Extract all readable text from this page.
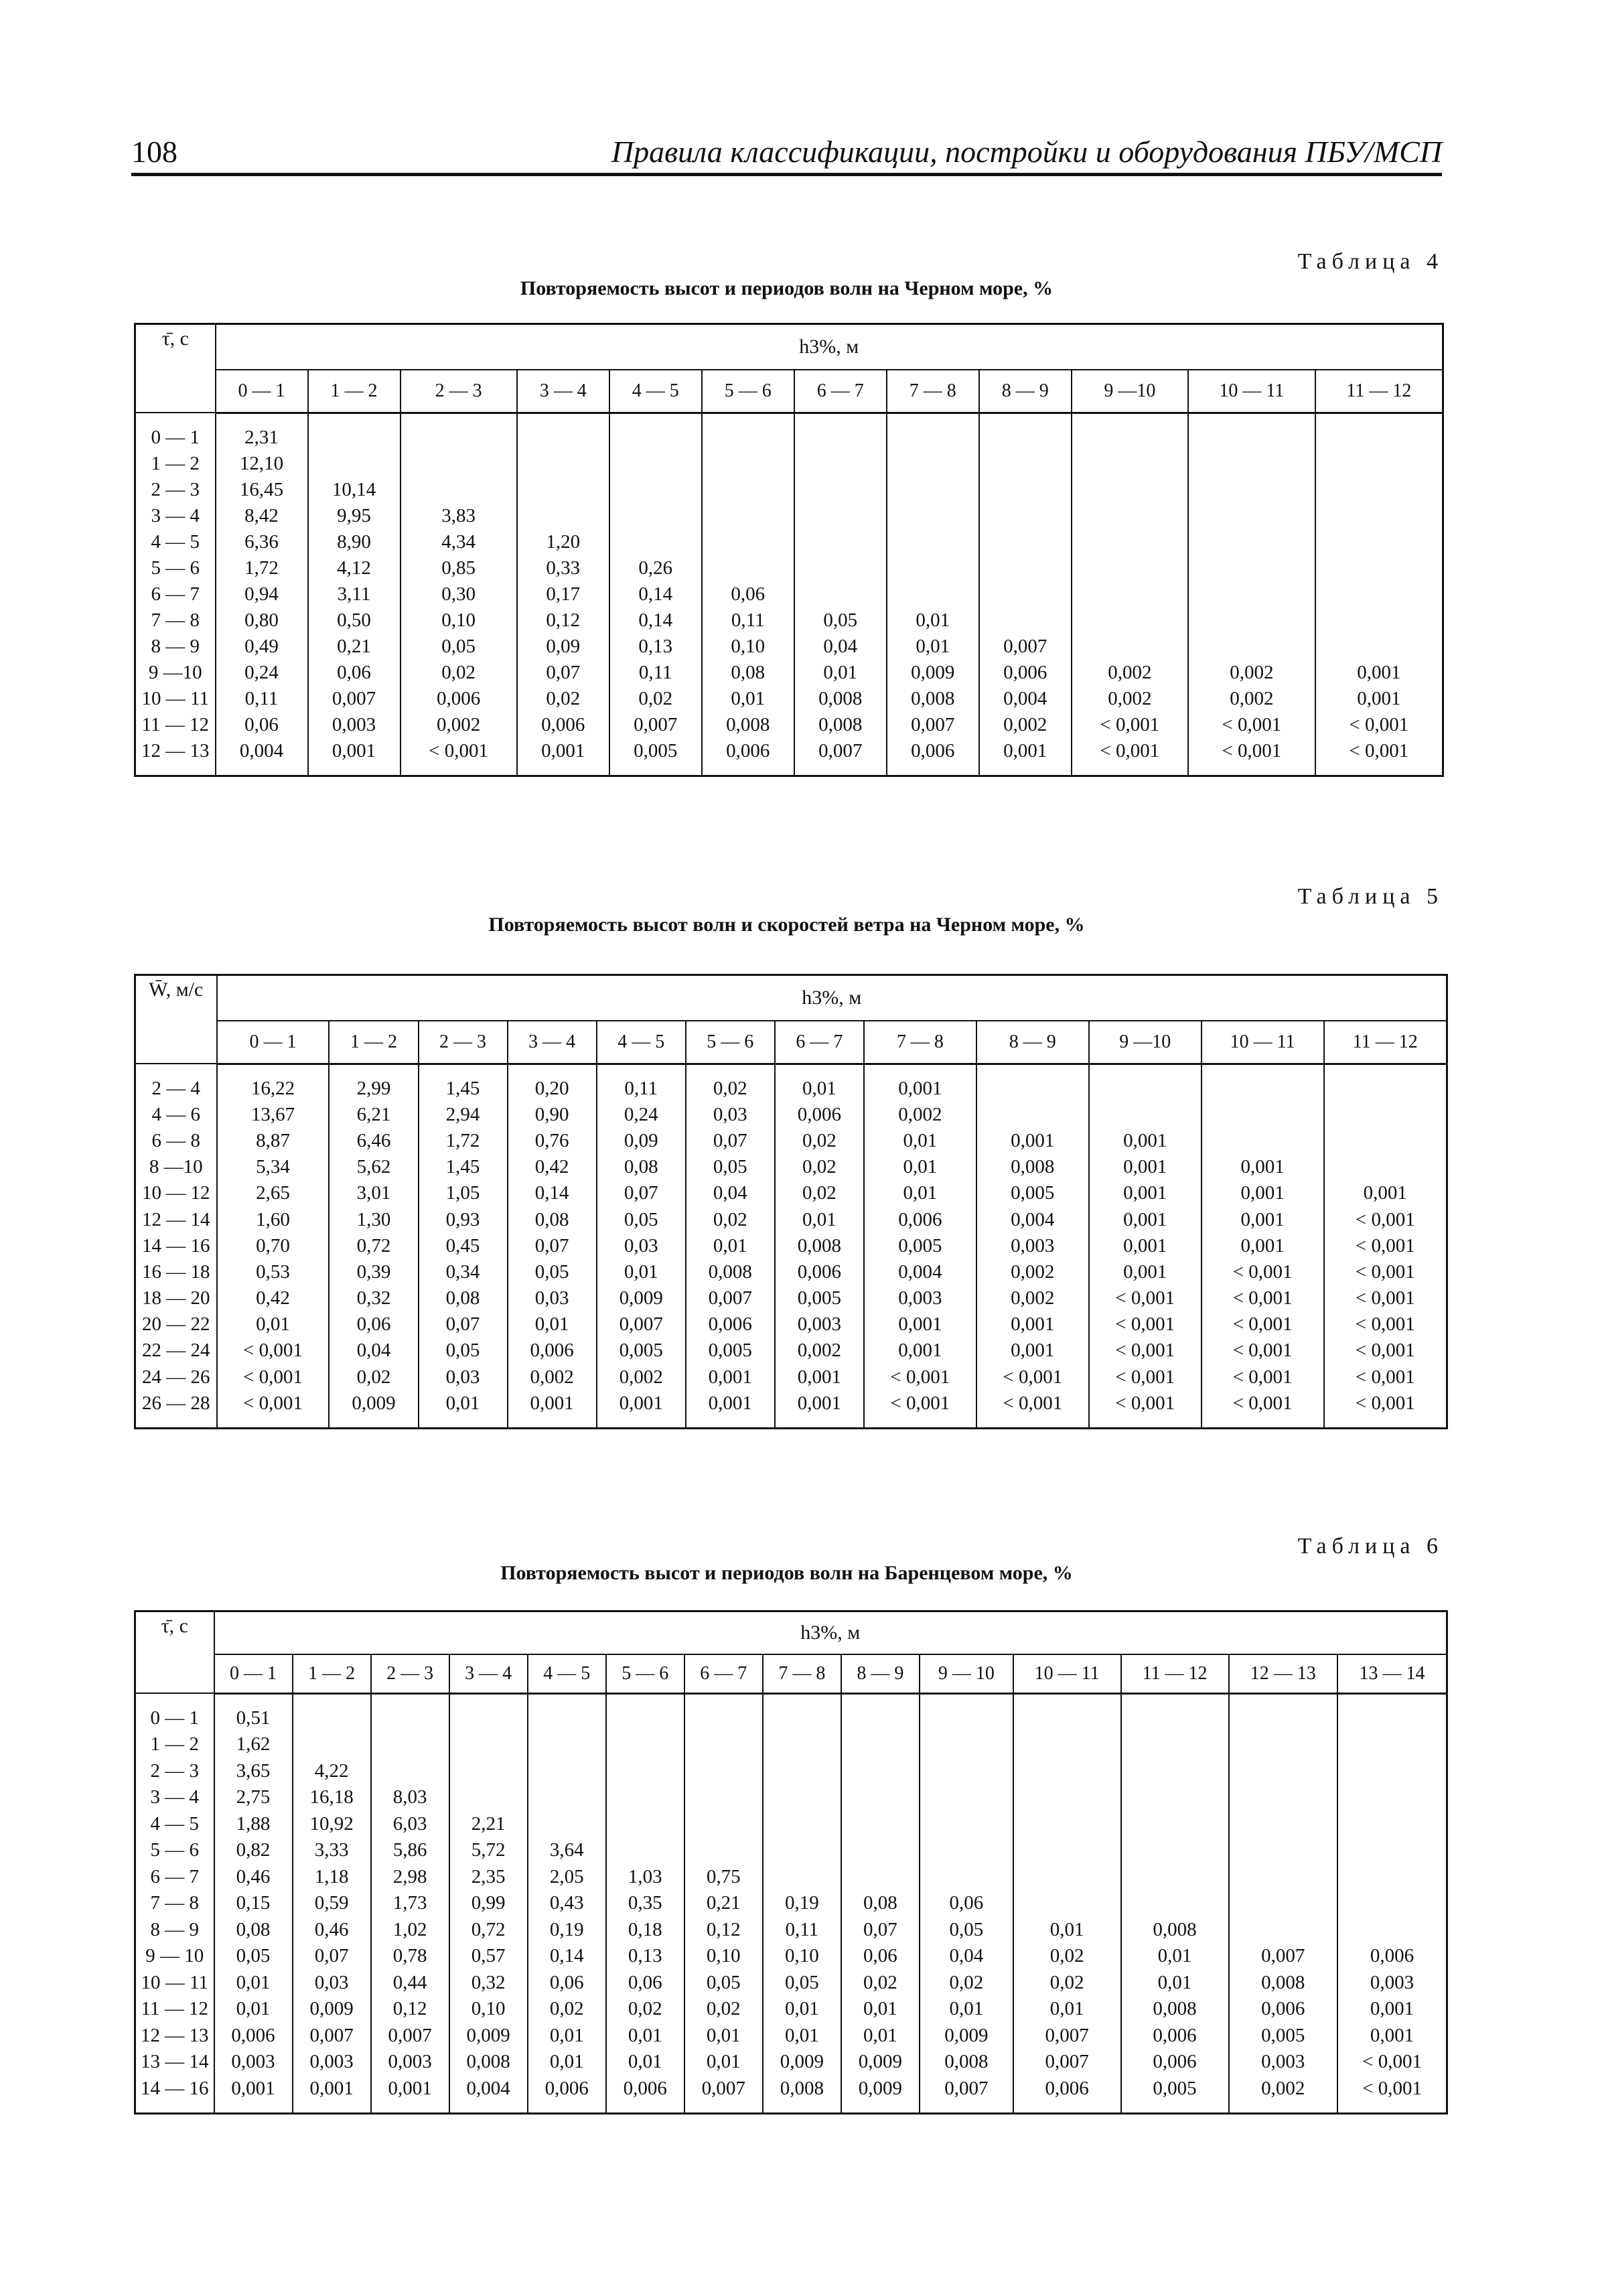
108	Правила классификации, постройки и оборудования ПБУ/МСП
Таблица 4
Повторяемость высот и периодов волн на Черном море, %
τ̄, с	h3%, м											
	0 — 1	1 — 2	2 — 3	3 — 4	4 — 5	5 — 6	6 — 7	7 — 8	8 — 9	9 —10	10 — 11	11 — 12

0 — 1	2,31											
1 — 2	12,10											
2 — 3	16,45	10,14										
3 — 4	8,42	9,95	3,83									
4 — 5	6,36	8,90	4,34	1,20								
5 — 6	1,72	4,12	0,85	0,33	0,26							
6 — 7	0,94	3,11	0,30	0,17	0,14	0,06						
7 — 8	0,80	0,50	0,10	0,12	0,14	0,11	0,05	0,01				
8 — 9	0,49	0,21	0,05	0,09	0,13	0,10	0,04	0,01	0,007			
9 —10	0,24	0,06	0,02	0,07	0,11	0,08	0,01	0,009	0,006	0,002	0,002	0,001
10 — 11	0,11	0,007	0,006	0,02	0,02	0,01	0,008	0,008	0,004	0,002	0,002	0,001
11 — 12	0,06	0,003	0,002	0,006	0,007	0,008	0,008	0,007	0,002	< 0,001	< 0,001	< 0,001
12 — 13	0,004	0,001	< 0,001	0,001	0,005	0,006	0,007	0,006	0,001	< 0,001	< 0,001	< 0,001

Таблица 5
Повторяемость высот волн и скоростей ветра на Черном море, %
W̄, м/с	h3%, м											
	0 — 1	1 — 2	2 — 3	3 — 4	4 — 5	5 — 6	6 — 7	7 — 8	8 — 9	9 —10	10 — 11	11 — 12

2 — 4	16,22	2,99	1,45	0,20	0,11	0,02	0,01	0,001				
4 — 6	13,67	6,21	2,94	0,90	0,24	0,03	0,006	0,002				
6 — 8	8,87	6,46	1,72	0,76	0,09	0,07	0,02	0,01	0,001	0,001		
8 —10	5,34	5,62	1,45	0,42	0,08	0,05	0,02	0,01	0,008	0,001	0,001	
10 — 12	2,65	3,01	1,05	0,14	0,07	0,04	0,02	0,01	0,005	0,001	0,001	0,001
12 — 14	1,60	1,30	0,93	0,08	0,05	0,02	0,01	0,006	0,004	0,001	0,001	< 0,001
14 — 16	0,70	0,72	0,45	0,07	0,03	0,01	0,008	0,005	0,003	0,001	0,001	< 0,001
16 — 18	0,53	0,39	0,34	0,05	0,01	0,008	0,006	0,004	0,002	0,001	< 0,001	< 0,001
18 — 20	0,42	0,32	0,08	0,03	0,009	0,007	0,005	0,003	0,002	< 0,001	< 0,001	< 0,001
20 — 22	0,01	0,06	0,07	0,01	0,007	0,006	0,003	0,001	0,001	< 0,001	< 0,001	< 0,001
22 — 24	< 0,001	0,04	0,05	0,006	0,005	0,005	0,002	0,001	0,001	< 0,001	< 0,001	< 0,001
24 — 26	< 0,001	0,02	0,03	0,002	0,002	0,001	0,001	< 0,001	< 0,001	< 0,001	< 0,001	< 0,001
26 — 28	< 0,001	0,009	0,01	0,001	0,001	0,001	0,001	< 0,001	< 0,001	< 0,001	< 0,001	< 0,001

Таблица 6
Повторяемость высот и периодов волн на Баренцевом море, %
τ̄, с	h3%, м													
	0 — 1	1 — 2	2 — 3	3 — 4	4 — 5	5 — 6	6 — 7	7 — 8	8 — 9	9 — 10	10 — 11	11 — 12	12 — 13	13 — 14

0 — 1	0,51													
1 — 2	1,62													
2 — 3	3,65	4,22												
3 — 4	2,75	16,18	8,03											
4 — 5	1,88	10,92	6,03	2,21										
5 — 6	0,82	3,33	5,86	5,72	3,64									
6 — 7	0,46	1,18	2,98	2,35	2,05	1,03	0,75							
7 — 8	0,15	0,59	1,73	0,99	0,43	0,35	0,21	0,19	0,08	0,06				
8 — 9	0,08	0,46	1,02	0,72	0,19	0,18	0,12	0,11	0,07	0,05	0,01	0,008		
9 — 10	0,05	0,07	0,78	0,57	0,14	0,13	0,10	0,10	0,06	0,04	0,02	0,01	0,007	0,006
10 — 11	0,01	0,03	0,44	0,32	0,06	0,06	0,05	0,05	0,02	0,02	0,02	0,01	0,008	0,003
11 — 12	0,01	0,009	0,12	0,10	0,02	0,02	0,02	0,01	0,01	0,01	0,01	0,008	0,006	0,001
12 — 13	0,006	0,007	0,007	0,009	0,01	0,01	0,01	0,01	0,01	0,009	0,007	0,006	0,005	0,001
13 — 14	0,003	0,003	0,003	0,008	0,01	0,01	0,01	0,009	0,009	0,008	0,007	0,006	0,003	< 0,001
14 — 16	0,001	0,001	0,001	0,004	0,006	0,006	0,007	0,008	0,009	0,007	0,006	0,005	0,002	< 0,001
